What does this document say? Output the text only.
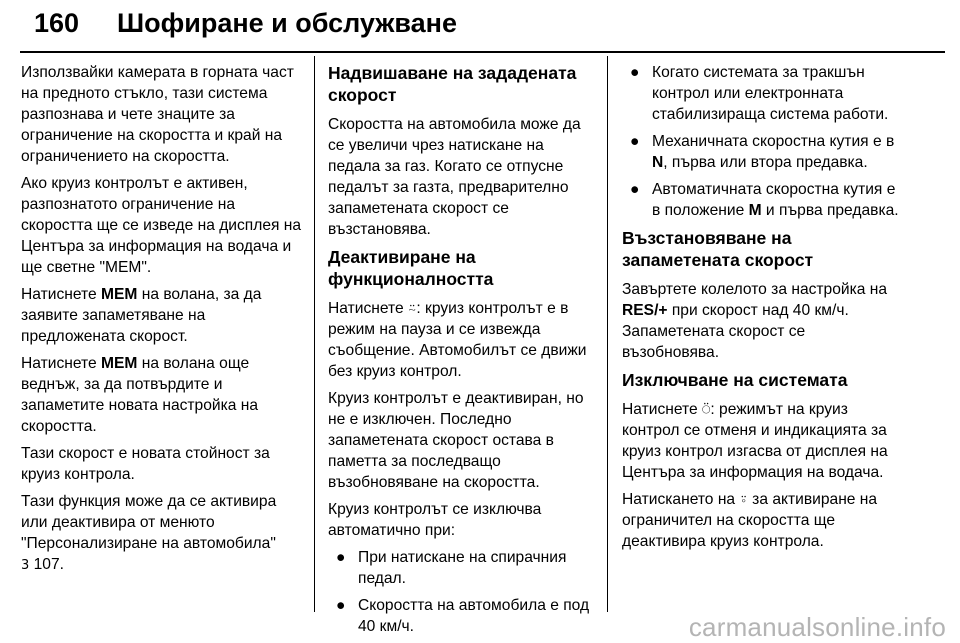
160 Шофиране и обслужване

Използвайки камерата в горната част на предното стъкло, тази система разпознава и чете знаците за ограничение на скоростта и край на ограничението на скоростта.

Ако круиз контролът е активен, разпознатото ограничение на скоростта ще се изведе на дисплея на Центъра за информация на водача и ще светне "MEM".

Натиснете MEM на волана, за да заявите запаметяване на предложената скорост.

Натиснете MEM на волана още веднъж, за да потвърдите и запаметите новата настройка на скоростта.

Тази скорост е новата стойност за круиз контрола.

Тази функция може да се активира или деактивира от менюто "Персонализиране на автомобила"
3 107.

Надвишаване на зададената скорост

Скоростта на автомобила може да се увеличи чрез натискане на педала за газ. Когато се отпусне педалът за газта, предварително запаметената скорост се възстановява.

Деактивиране на функционалността

Натиснете ⍨: круиз контролът е в режим на пауза и се извежда съобщение. Автомобилът се движи без круиз контрол.

Круиз контролът е деактивиран, но не е изключен. Последно запаметената скорост остава в паметта за последващо възобновяване на скоростта.

Круиз контролът се изключва автоматично при:

● При натискане на спирачния педал.
● Скоростта на автомобила е под 40 км/ч.
● Когато системата за тракшън контрол или електронната стабилизираща система работи.
● Механичната скоростна кутия е в N, първа или втора предавка.
● Автоматичната скоростна кутия е в положение M и първа предавка.
Възстановяване на запаметената скорост

Завъртете колелото за настройка на RES/+ при скорост над 40 км/ч. Запаметената скорост се възобновява.

Изключване на системата

Натиснете ⍥: режимът на круиз контрол се отменя и индикацията за круиз контрол изгасва от дисплея на Центъра за информация на водача.

Натискането на ⍤ за активиране на ограничител на скоростта ще деактивира круиз контрола.

carmanualsonline.info
